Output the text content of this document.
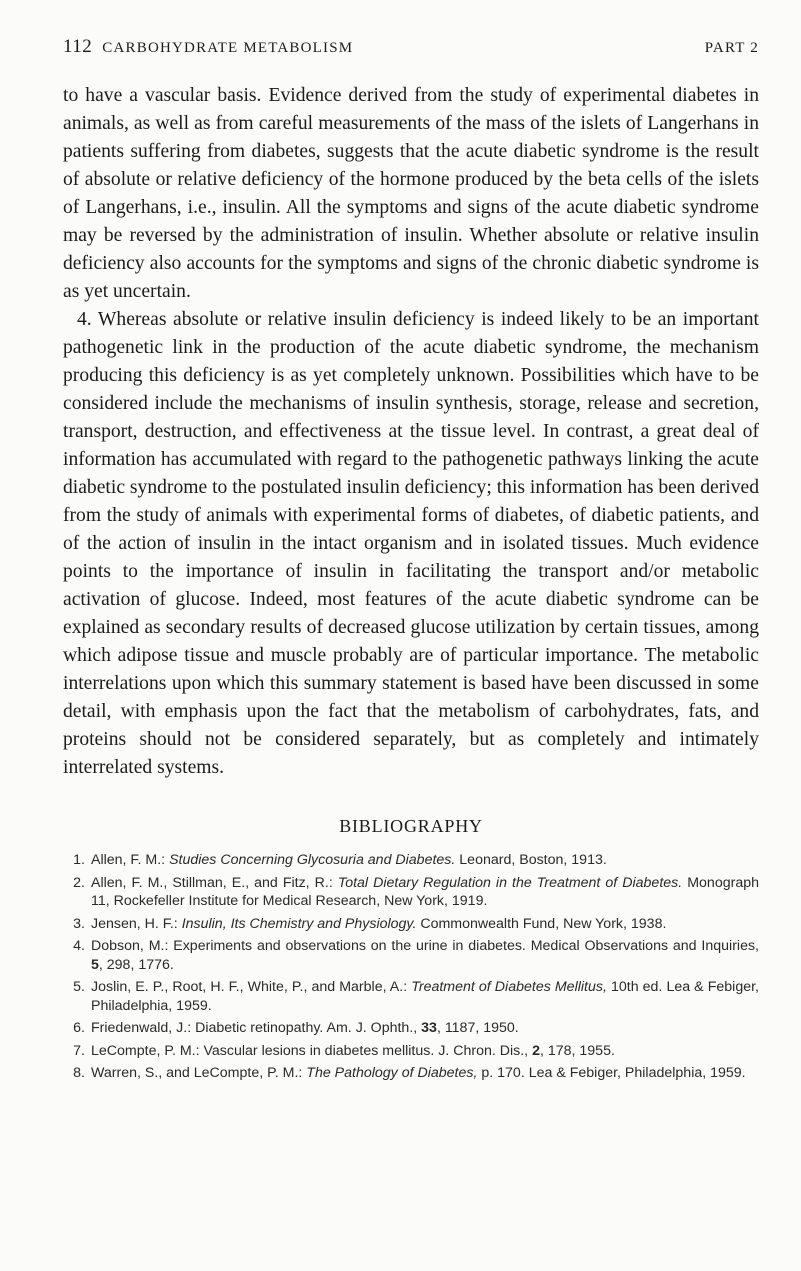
112 CARBOHYDRATE METABOLISM	PART 2

to have a vascular basis. Evidence derived from the study of experimental diabetes in animals, as well as from careful measurements of the mass of the islets of Langerhans in patients suffering from diabetes, suggests that the acute diabetic syndrome is the result of absolute or relative deficiency of the hormone produced by the beta cells of the islets of Langerhans, i.e., insulin. All the symptoms and signs of the acute diabetic syndrome may be reversed by the administration of insulin. Whether absolute or relative insulin deficiency also accounts for the symptoms and signs of the chronic diabetic syndrome is as yet uncertain.

4. Whereas absolute or relative insulin deficiency is indeed likely to be an important pathogenetic link in the production of the acute diabetic syndrome, the mechanism producing this deficiency is as yet completely unknown. Possibilities which have to be considered include the mechanisms of insulin synthesis, storage, release and secretion, transport, destruction, and effectiveness at the tissue level. In contrast, a great deal of information has accumulated with regard to the pathogenetic pathways linking the acute diabetic syndrome to the postulated insulin deficiency; this information has been derived from the study of animals with experimental forms of diabetes, of diabetic patients, and of the action of insulin in the intact organism and in isolated tissues. Much evidence points to the importance of insulin in facilitating the transport and/or metabolic activation of glucose. Indeed, most features of the acute diabetic syndrome can be explained as secondary results of decreased glucose utilization by certain tissues, among which adipose tissue and muscle probably are of particular importance. The metabolic interrelations upon which this summary statement is based have been discussed in some detail, with emphasis upon the fact that the metabolism of carbohydrates, fats, and proteins should not be considered separately, but as completely and intimately interrelated systems.

BIBLIOGRAPHY
1. Allen, F. M.: Studies Concerning Glycosuria and Diabetes. Leonard, Boston, 1913.
2. Allen, F. M., Stillman, E., and Fitz, R.: Total Dietary Regulation in the Treatment of Diabetes. Monograph 11, Rockefeller Institute for Medical Research, New York, 1919.
3. Jensen, H. F.: Insulin, Its Chemistry and Physiology. Commonwealth Fund, New York, 1938.
4. Dobson, M.: Experiments and observations on the urine in diabetes. Medical Observations and Inquiries, 5, 298, 1776.
5. Joslin, E. P., Root, H. F., White, P., and Marble, A.: Treatment of Diabetes Mellitus, 10th ed. Lea & Febiger, Philadelphia, 1959.
6. Friedenwald, J.: Diabetic retinopathy. Am. J. Ophth., 33, 1187, 1950.
7. LeCompte, P. M.: Vascular lesions in diabetes mellitus. J. Chron. Dis., 2, 178, 1955.
8. Warren, S., and LeCompte, P. M.: The Pathology of Diabetes, p. 170. Lea & Febiger, Philadelphia, 1959.
